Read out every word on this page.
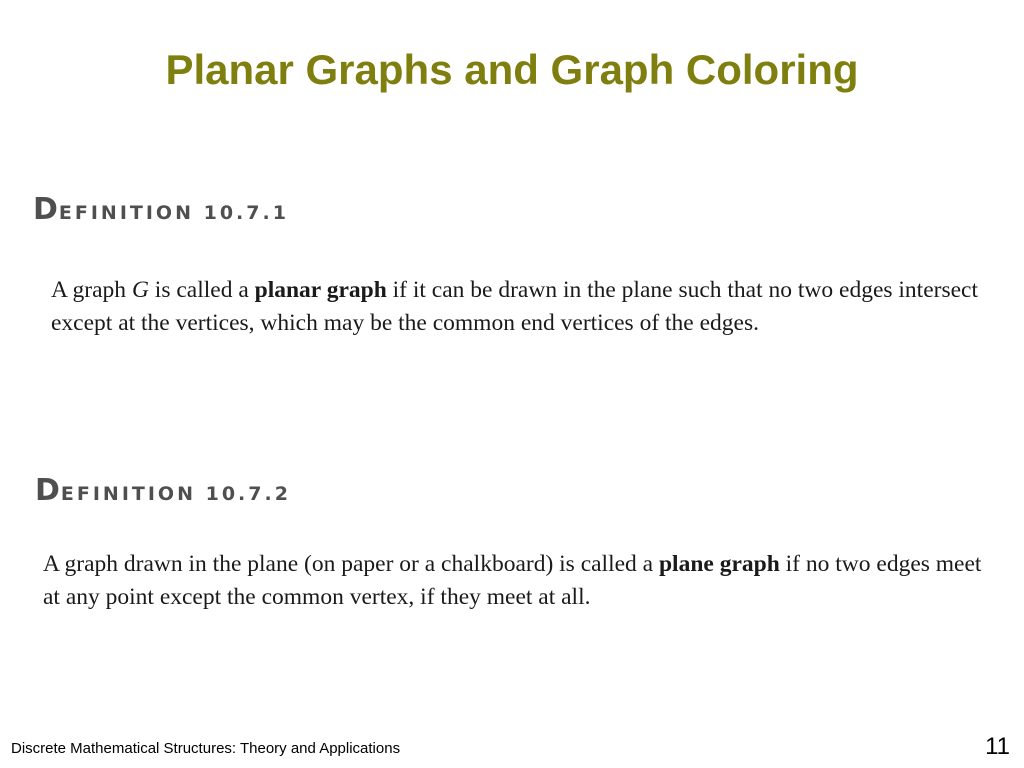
Planar Graphs and Graph Coloring
DEFINITION 10.7.1
A graph G is called a planar graph if it can be drawn in the plane such that no two edges intersect except at the vertices, which may be the common end vertices of the edges.
DEFINITION 10.7.2
A graph drawn in the plane (on paper or a chalkboard) is called a plane graph if no two edges meet at any point except the common vertex, if they meet at all.
Discrete Mathematical Structures: Theory and Applications	11
